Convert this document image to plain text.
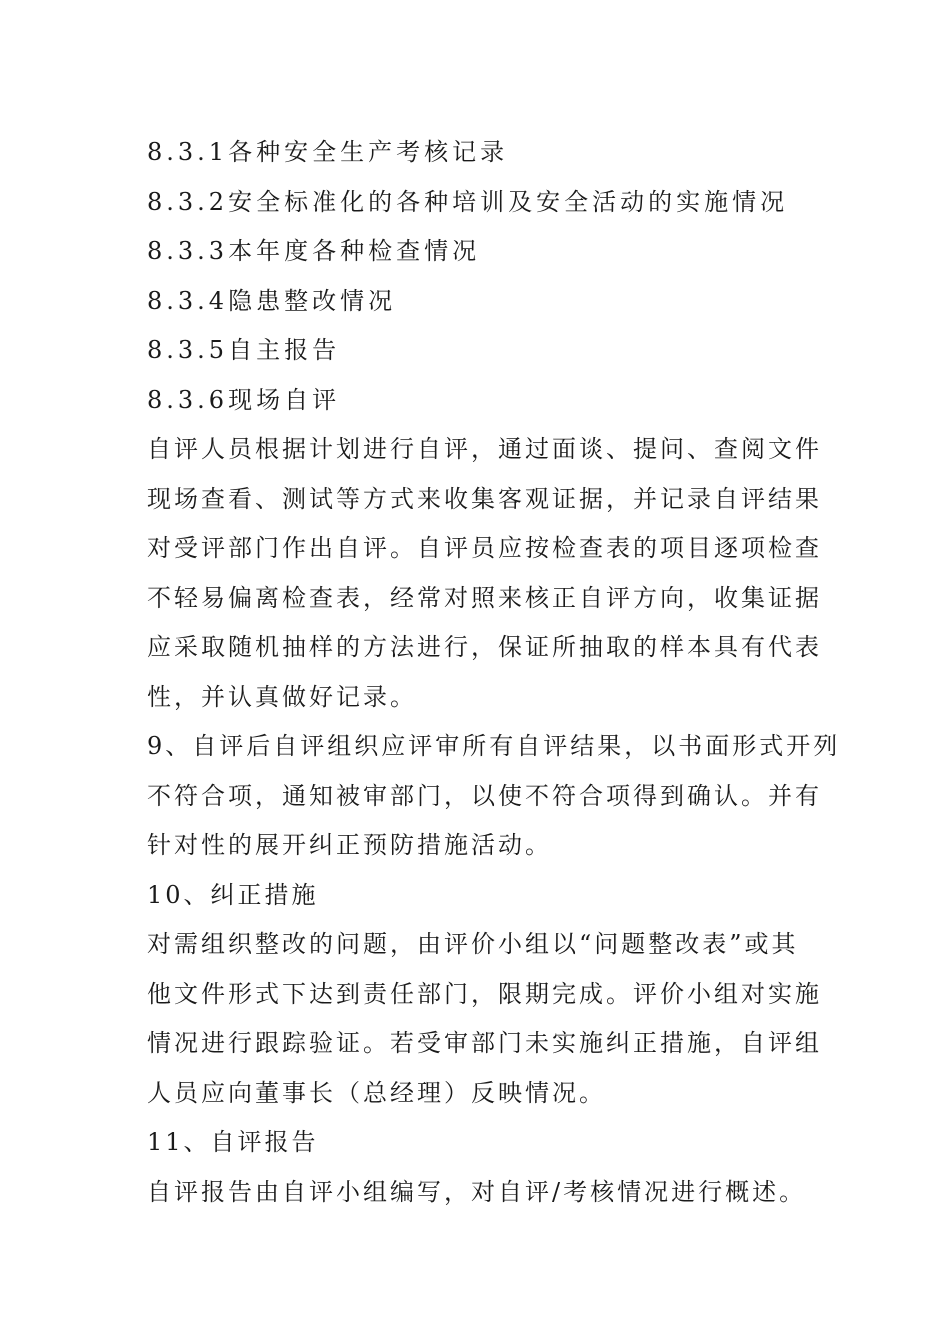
8.3.1各种安全生产考核记录
8.3.2安全标准化的各种培训及安全活动的实施情况
8.3.3本年度各种检查情况
8.3.4隐患整改情况
8.3.5自主报告
8.3.6现场自评
自评人员根据计划进行自评，通过面谈、提问、查阅文件
现场查看、测试等方式来收集客观证据，并记录自评结果
对受评部门作出自评。自评员应按检查表的项目逐项检查
不轻易偏离检查表，经常对照来核正自评方向，收集证据
应采取随机抽样的方法进行，保证所抽取的样本具有代表
性，并认真做好记录。
9、自评后自评组织应评审所有自评结果，以书面形式开列
不符合项，通知被审部门，以使不符合项得到确认。并有
针对性的展开纠正预防措施活动。
10、纠正措施
对需组织整改的问题，由评价小组以“问题整改表”或其
他文件形式下达到责任部门，限期完成。评价小组对实施
情况进行跟踪验证。若受审部门未实施纠正措施，自评组
人员应向董事长（总经理）反映情况。
11、自评报告
自评报告由自评小组编写，对自评/考核情况进行概述。
